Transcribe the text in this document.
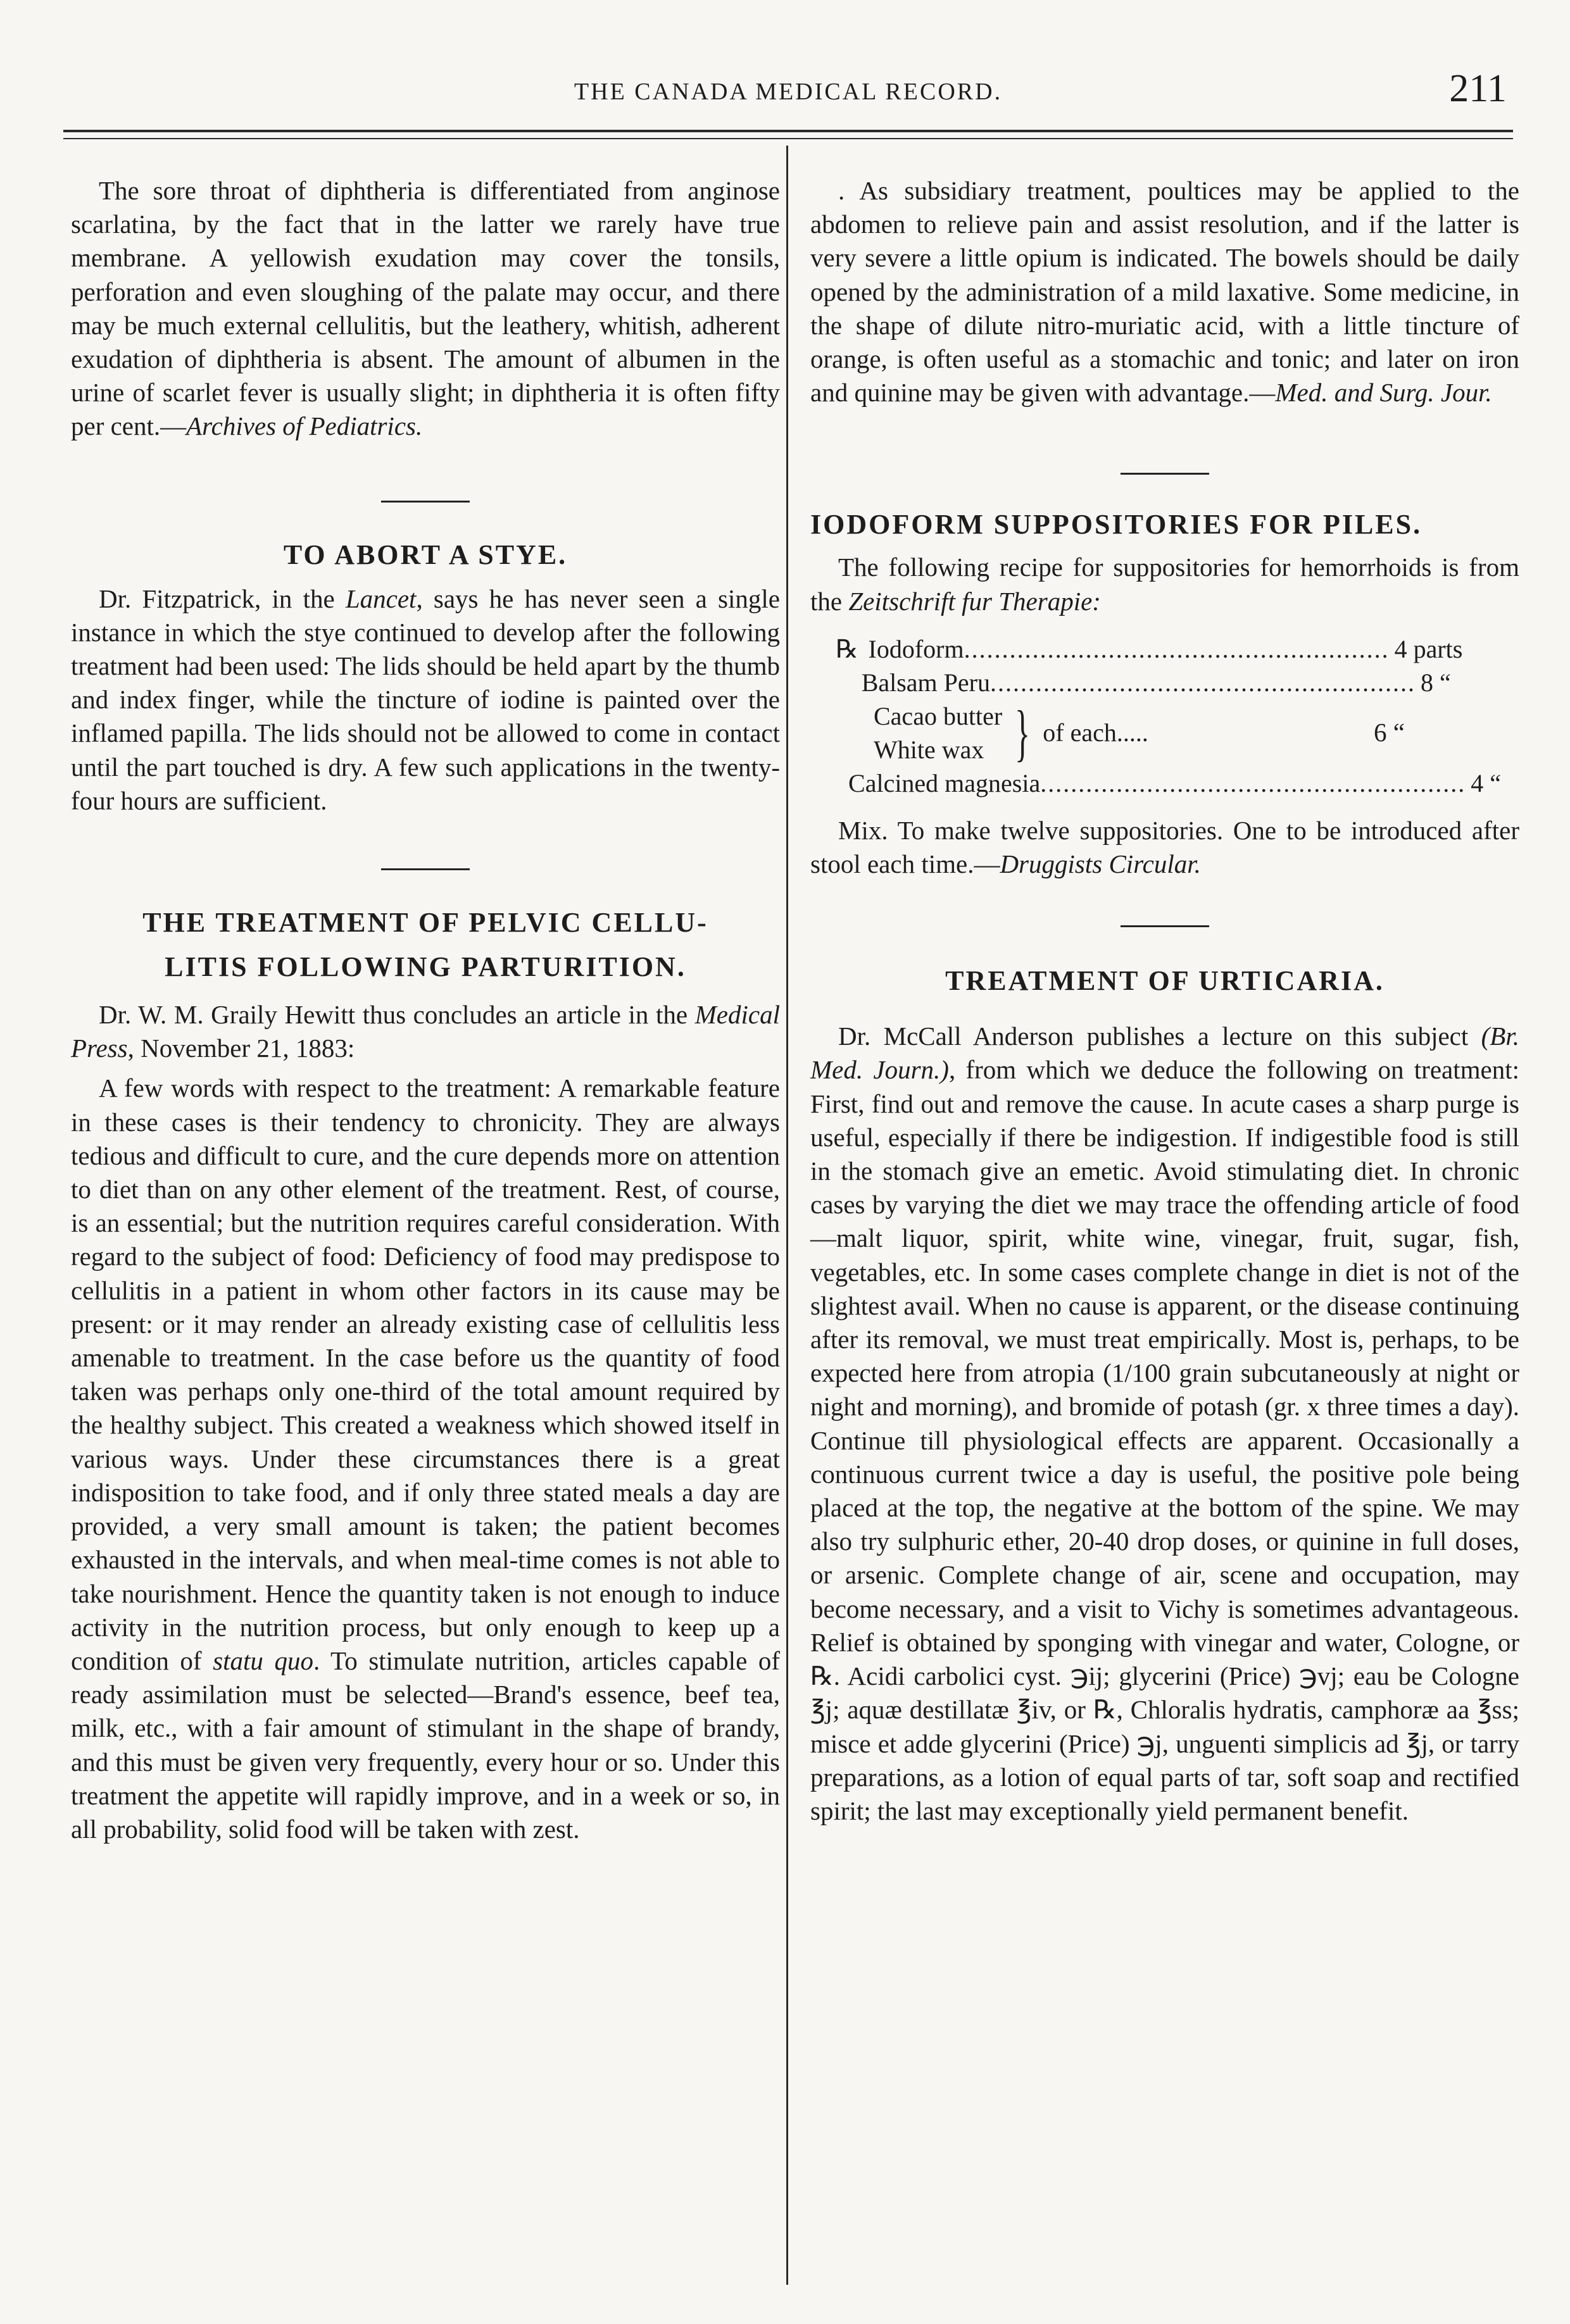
THE CANADA MEDICAL RECORD.	211

The sore throat of diphtheria is differentiated from anginose scarlatina, by the fact that in the latter we rarely have true membrane. A yellowish exudation may cover the tonsils, perforation and even sloughing of the palate may occur, and there may be much external cellulitis, but the leathery, whitish, adherent exudation of diphtheria is absent. The amount of albumen in the urine of scarlet fever is usually slight; in diphtheria it is often fifty per cent.—Archives of Pediatrics.

TO ABORT A STYE.

Dr. Fitzpatrick, in the Lancet, says he has never seen a single instance in which the stye continued to develop after the following treatment had been used: The lids should be held apart by the thumb and index finger, while the tincture of iodine is painted over the inflamed papilla. The lids should not be allowed to come in contact until the part touched is dry. A few such applications in the twenty-four hours are sufficient.

THE TREATMENT OF PELVIC CELLU-
LITIS FOLLOWING PARTURITION.

Dr. W. M. Graily Hewitt thus concludes an article in the Medical Press, November 21, 1883:

A few words with respect to the treatment: A remarkable feature in these cases is their tendency to chronicity. They are always tedious and difficult to cure, and the cure depends more on attention to diet than on any other element of the treatment. Rest, of course, is an essential; but the nutrition requires careful consideration. With regard to the subject of food: Deficiency of food may predispose to cellulitis in a patient in whom other factors in its cause may be present: or it may render an already existing case of cellulitis less amenable to treatment. In the case before us the quantity of food taken was perhaps only one-third of the total amount required by the healthy subject. This created a weakness which showed itself in various ways. Under these circumstances there is a great indisposition to take food, and if only three stated meals a day are provided, a very small amount is taken; the patient becomes exhausted in the intervals, and when meal-time comes is not able to take nourishment. Hence the quantity taken is not enough to induce activity in the nutrition process, but only enough to keep up a condition of statu quo. To stimulate nutrition, articles capable of ready assimilation must be selected—Brand's essence, beef tea, milk, etc., with a fair amount of stimulant in the shape of brandy, and this must be given very frequently, every hour or so. Under this treatment the appetite will rapidly improve, and in a week or so, in all probability, solid food will be taken with zest.

. As subsidiary treatment, poultices may be applied to the abdomen to relieve pain and assist resolution, and if the latter is very severe a little opium is indicated. The bowels should be daily opened by the administration of a mild laxative. Some medicine, in the shape of dilute nitro-muriatic acid, with a little tincture of orange, is often useful as a stomachic and tonic; and later on iron and quinine may be given with advantage.—Med. and Surg. Jour.

IODOFORM SUPPOSITORIES FOR PILES.

The following recipe for suppositories for hemorrhoids is from the Zeitschrift fur Therapie:

℞ Iodoform ........................................................ 4 parts
Balsam Peru ........................................................ 8 “
Cacao butter
White wax } of each.....	6 “
Calcined magnesia ........................................................ 4 “

Mix. To make twelve suppositories. One to be introduced after stool each time.—Druggists Circular.

TREATMENT OF URTICARIA.

Dr. McCall Anderson publishes a lecture on this subject (Br. Med. Journ.), from which we deduce the following on treatment: First, find out and remove the cause. In acute cases a sharp purge is useful, especially if there be indigestion. If indigestible food is still in the stomach give an emetic. Avoid stimulating diet. In chronic cases by varying the diet we may trace the offending article of food—malt liquor, spirit, white wine, vinegar, fruit, sugar, fish, vegetables, etc. In some cases complete change in diet is not of the slightest avail. When no cause is apparent, or the disease continuing after its removal, we must treat empirically. Most is, perhaps, to be expected here from atropia (1/100 grain subcutaneously at night or night and morning), and bromide of potash (gr. x three times a day). Continue till physiological effects are apparent. Occasionally a continuous current twice a day is useful, the positive pole being placed at the top, the negative at the bottom of the spine. We may also try sulphuric ether, 20-40 drop doses, or quinine in full doses, or arsenic. Complete change of air, scene and occupation, may become necessary, and a visit to Vichy is sometimes advantageous. Relief is obtained by sponging with vinegar and water, Cologne, or ℞. Acidi carbolici cyst. ℈ij; glycerini (Price) ℈vj; eau be Cologne ℥j; aquæ destillatæ ℥iv, or ℞, Chloralis hydratis, camphoræ aa ℥ss; misce et adde glycerini (Price) ℈j, unguenti simplicis ad ℥j, or tarry preparations, as a lotion of equal parts of tar, soft soap and rectified spirit; the last may exceptionally yield permanent benefit.
